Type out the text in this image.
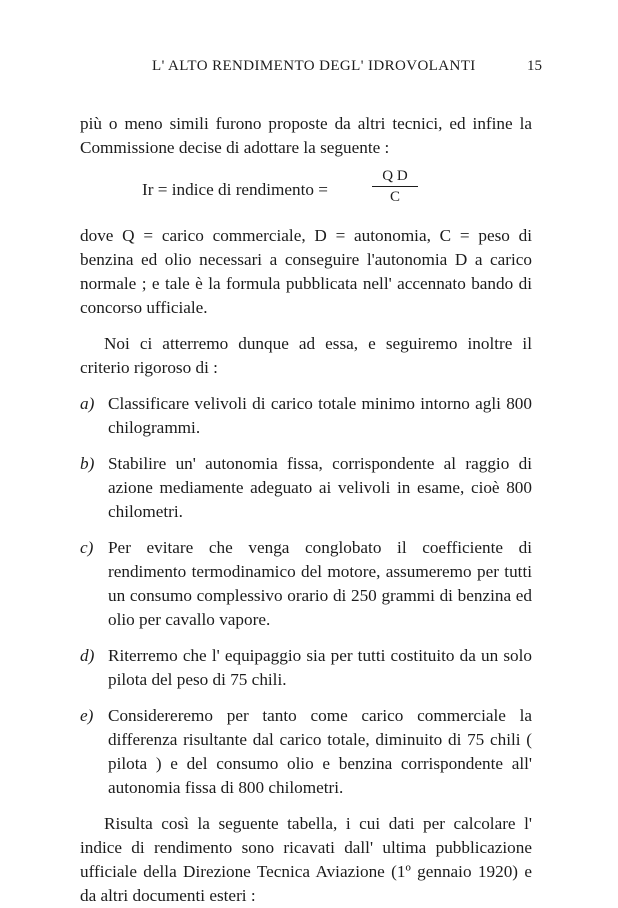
L' ALTO RENDIMENTO DEGL' IDROVOLANTI	15

più o meno simili furono proposte da altri tecnici, ed infine la Commissione decise di adottare la seguente :

Ir = indice di rendimento =
Q D
C

dove Q = carico commerciale, D = autonomia, C = peso di benzina ed olio necessari a conseguire l'autonomia D a carico normale ; e tale è la formula pubblicata nell' accennato bando di concorso ufficiale.

Noi ci atterremo dunque ad essa, e seguiremo inoltre il criterio rigoroso di :

a) Classificare velivoli di carico totale minimo intorno agli 800 chilogrammi.

b) Stabilire un' autonomia fissa, corrispondente al raggio di azione mediamente adeguato ai velivoli in esame, cioè 800 chilometri.

c) Per evitare che venga conglobato il coefficiente di rendimento termodinamico del motore, assumeremo per tutti un consumo complessivo orario di 250 grammi di benzina ed olio per cavallo vapore.

d) Riterremo che l' equipaggio sia per tutti costituito da un solo pilota del peso di 75 chili.

e) Considereremo per tanto come carico commerciale la differenza risultante dal carico totale, diminuito di 75 chili ( pilota ) e del consumo olio e benzina corrispondente all' autonomia fissa di 800 chilometri.

Risulta così la seguente tabella, i cui dati per calcolare l' indice di rendimento sono ricavati dall' ultima pubblicazione ufficiale della Direzione Tecnica Aviazione (1º gennaio 1920) e da altri documenti esteri :
